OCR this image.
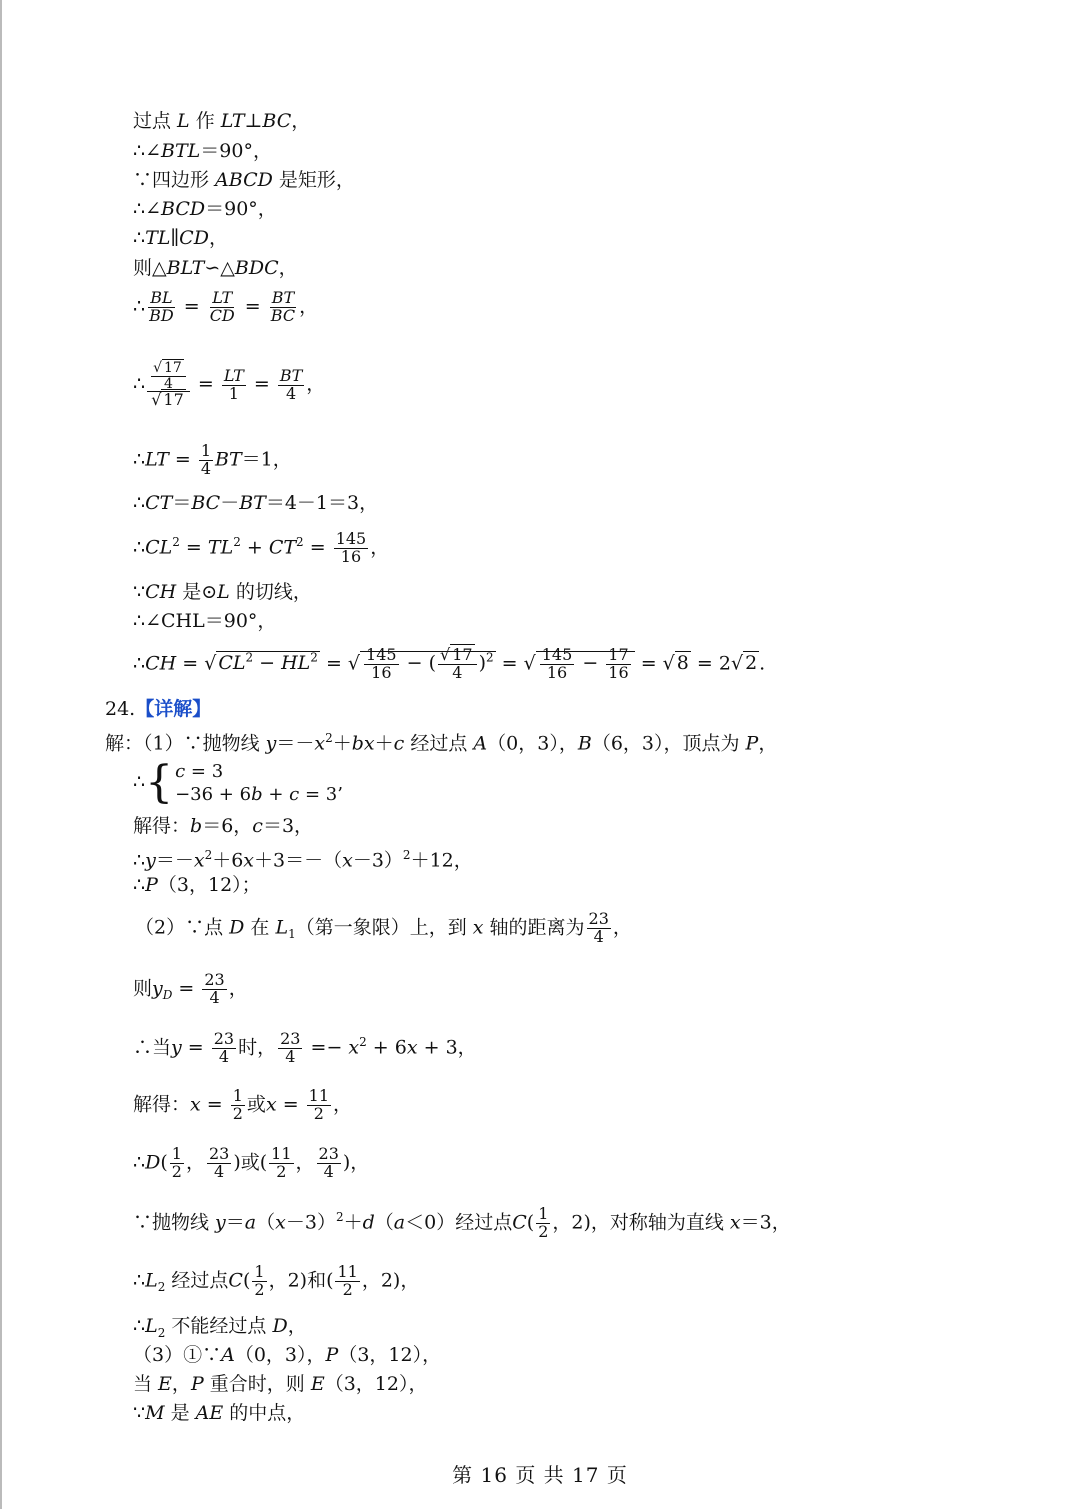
过点 L 作 LT⊥BC，
∴∠BTL＝90°，
∵四边形 ABCD 是矩形，
∴∠BCD＝90°，
∴TL∥CD，
则△BLT∽△BDC，
∴ $\frac{BL}{BD} = \frac{LT}{CD} = \frac{BT}{BC}$ ，
∴ $\frac{\frac{√ 17}{4}}{√ 17} = \frac{LT}{1} = \frac{BT}{4}$ ，
∴LT = $\frac{1}{4} BT=1$，
∴CT＝BC－BT＝4－1＝3，
$\therefore CL^2 = TL^2 + CT^2 = \frac{145}{16}$ ，
∵CH 是⊙L 的切线，
∴∠CHL＝90°，
∴CH = √ $CL^2 - HL^2$ = √ $\frac{145}{16}$ − ( $\frac{√ 17}{4} )^2$ = √ $\frac{145}{16} - \frac{17}{16}$ = √ 8 = 2√ 2 .
24.【详解】
解：（1）∵抛物线 $y=-x^2+bx+c$ 经过点 A（0，3），B（6，3），顶点为 P，
∴{ c = 3
−36 + 6b + c = 3’
解得：b＝6，c＝3，
$\therefore y=-x^2+6x+3=-(x-3)^2+12$，
∴P（3，12）；
（2）∵点 D 在 $L_1$（第一象限）上，到 x 轴的距离为 $\frac{23}{4}$ ，
则$y_D = \frac{23}{4}$ ，
∴当$y = \frac{23}{4}$ 时， $\frac{23}{4} =- x^2 + 6x + 3$，
解得：$x = \frac{1}{2}$ 或$x = \frac{11}{2}$ ，
∴D( $\frac{1}{2}$ ， $\frac{23}{4}$ )或( $\frac{11}{2}$ ， $\frac{23}{4}$ )，
∵抛物线 $y=a(x-3)^2+d(a<0)$经过点$C( \frac{1}{2}$ ，2)，对称轴为直线 x＝3，
$\therefore L_2$ 经过点$C( \frac{1}{2}$ ，2)和( $\frac{11}{2}$ ，2)，
$\therefore L_2$ 不能经过点 D，
（3）①∵A（0，3），P（3，12），
当 E，P 重合时，则 E（3，12），
∵M 是 AE 的中点，
第 16 页 共 17 页
